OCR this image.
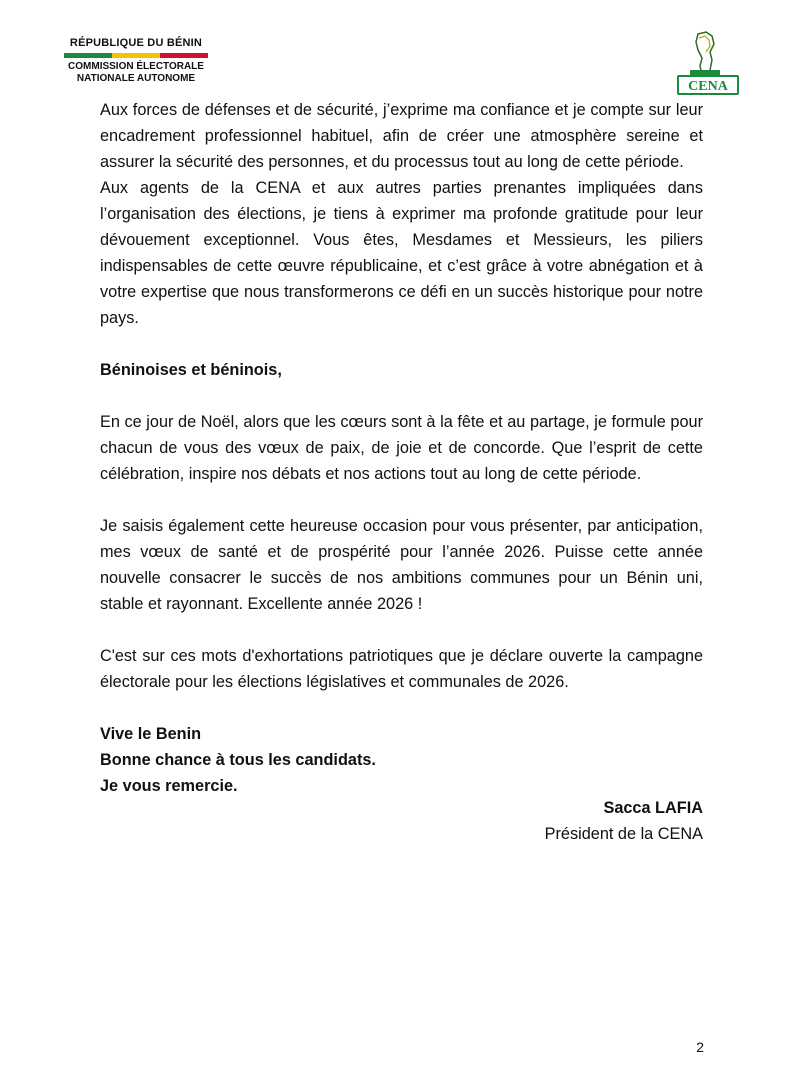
RÉPUBLIQUE DU BÉNIN
COMMISSION ÉLECTORALE
NATIONALE AUTONOME
CENA

Aux forces de défenses et de sécurité, j’exprime ma confiance et je compte sur leur encadrement professionnel habituel, afin de créer une atmosphère sereine et assurer la sécurité des personnes, et du processus tout au long de cette période.

Aux agents de la CENA et aux autres parties prenantes impliquées dans l’organisation des élections, je tiens à exprimer ma profonde gratitude pour leur dévouement exceptionnel. Vous êtes, Mesdames et Messieurs, les piliers indispensables de cette œuvre républicaine, et c’est grâce à votre abnégation et à votre expertise que nous transformerons ce défi en un succès historique pour notre pays.

Béninoises et béninois,

En ce jour de Noël, alors que les cœurs sont à la fête et au partage, je formule pour chacun de vous des vœux de paix, de joie et de concorde. Que l’esprit de cette célébration, inspire nos débats et nos actions tout au long de cette période.

Je saisis également cette heureuse occasion pour vous présenter, par anticipation, mes vœux de santé et de prospérité pour l’année 2026. Puisse cette année nouvelle consacrer le succès de nos ambitions communes pour un Bénin uni, stable et rayonnant. Excellente année 2026 !

C'est sur ces mots d'exhortations patriotiques que je déclare ouverte la campagne électorale pour les élections législatives et communales de 2026.

Vive le Benin

Bonne chance à tous les candidats.

Je vous remercie.

Sacca LAFIA
Président de la CENA
2
